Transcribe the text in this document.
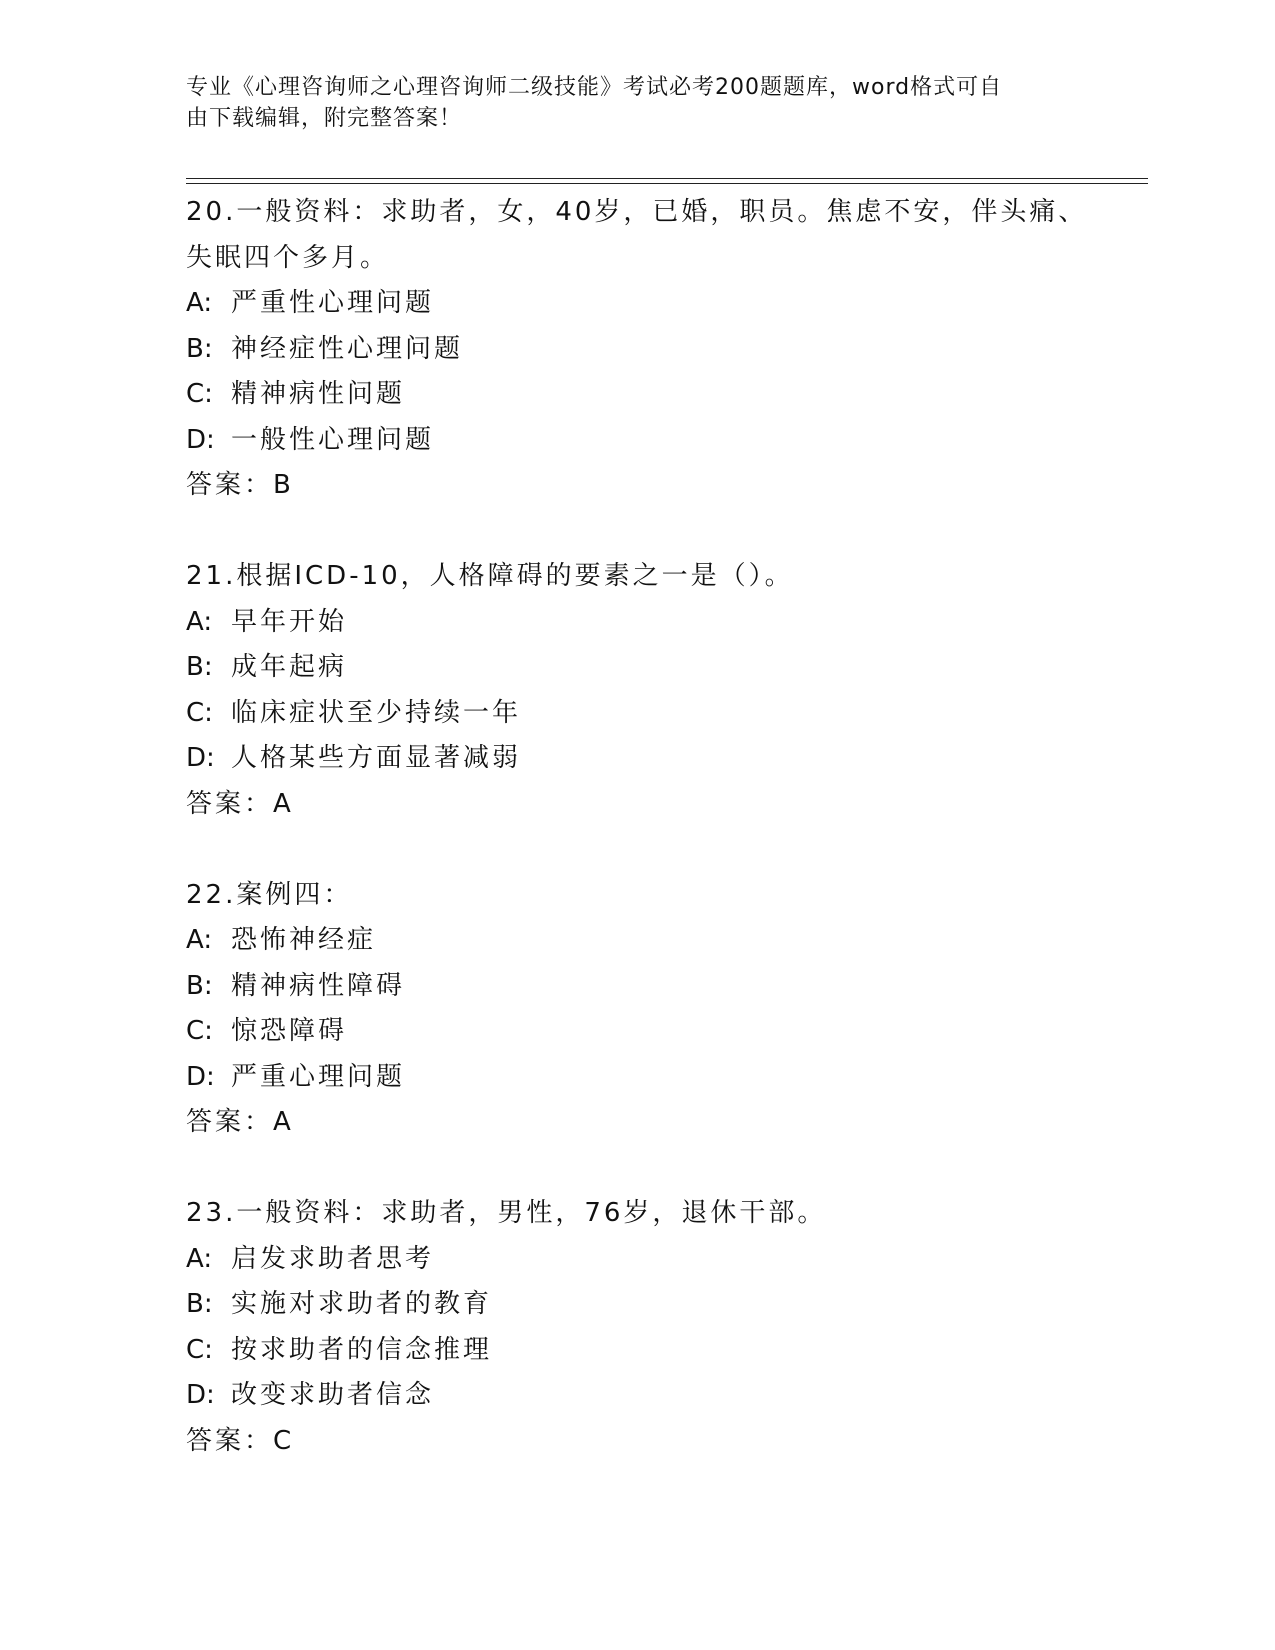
专业《心理咨询师之心理咨询师二级技能》考试必考200题题库，word格式可自
由下载编辑，附完整答案！
20.一般资料：求助者，女，40岁，已婚，职员。焦虑不安，伴头痛、
失眠四个多月。
A: 严重性心理问题
B: 神经症性心理问题
C: 精神病性问题
D: 一般性心理问题
答案：B
21.根据ICD-10，人格障碍的要素之一是（）。
A: 早年开始
B: 成年起病
C: 临床症状至少持续一年
D: 人格某些方面显著减弱
答案：A
22.案例四：
A: 恐怖神经症
B: 精神病性障碍
C: 惊恐障碍
D: 严重心理问题
答案：A
23.一般资料：求助者，男性，76岁，退休干部。
A: 启发求助者思考
B: 实施对求助者的教育
C: 按求助者的信念推理
D: 改变求助者信念
答案：C
